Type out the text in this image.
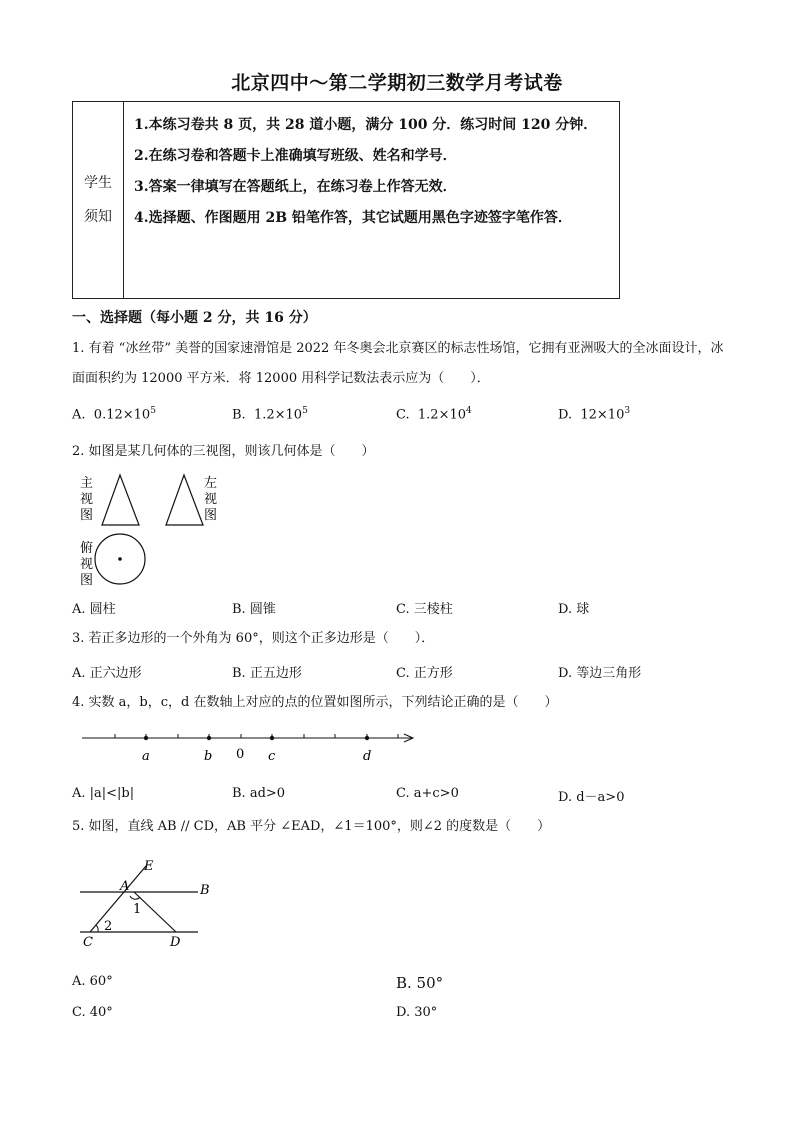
北京四中～第二学期初三数学月考试卷
学生
须知

1.本练习卷共 8 页，共 28 道小题，满分 100 分．练习时间 120 分钟．

2.在练习卷和答题卡上准确填写班级、姓名和学号．

3.答案一律填写在答题纸上，在练习卷上作答无效．

4.选择题、作图题用 2B 铅笔作答，其它试题用黑色字迹签字笔作答．

一、选择题（每小题 2 分，共 16 分）
1. 有着 “冰丝带” 美誉的国家速滑馆是 2022 年冬奥会北京赛区的标志性场馆，它拥有亚洲吸大的全冰面设计，冰面面积约为 12000 平方米．将 12000 用科学记数法表示应为（　　）．
A. $0.12\times 10^5$	B. $1.2\times 10^5$	C. $1.2\times 10^4$	D. $12\times 10^3$
2. 如图是某几何体的三视图，则该几何体是（　　）
主
视
图
左
视
图
俯
视
图
A. 圆柱	B. 圆锥	C. 三棱柱	D. 球
3. 若正多边形的一个外角为 60°，则这个正多边形是（　　）．
A. 正六边形	B. 正五边形	C. 正方形	D. 等边三角形
4. 实数 a，b，c，d 在数轴上对应的点的位置如图所示，下列结论正确的是（　　）
a	b 0 c	d
A. |a|<|b|	B. ad>0	C. a+c>0	D. d－a>0
5. 如图，直线 AB // CD，AB 平分 ∠EAD，∠1＝100°，则∠2 的度数是（　　）
E
A	B
C	D
1
2
A. 60°	B. 50°
C. 40°	D. 30°
